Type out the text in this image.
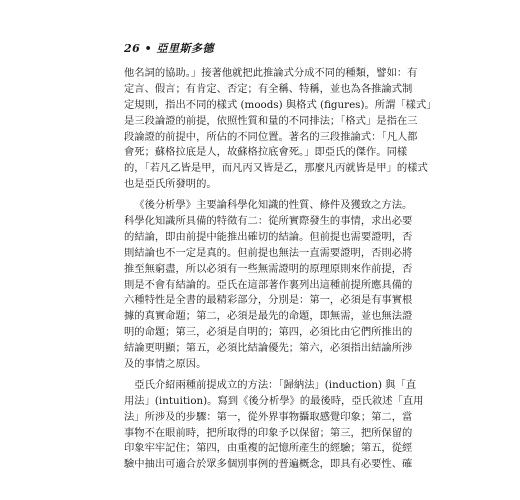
26 • 亞里斯多德
他名詞的協助。」接著他就把此推論式分成不同的種類，譬如：有
定言、假言；有肯定、否定；有全稱、特稱，並也為各推論式制
定規則，指出不同的樣式 (moods) 與格式 (figures)。所謂「樣式」
是三段論證的前提，依照性質和量的不同排法；「格式」是指在三
段論證的前提中，所佔的不同位置。著名的三段推論式：「凡人都
會死；蘇格拉底是人，故蘇格拉底會死。」即亞氏的傑作。同樣
的，「若凡乙皆是甲，而凡丙又皆是乙，那麼凡丙就皆是甲」的樣式
也是亞氏所發明的。
《後分析學》主要論科學化知識的性質、條件及獲致之方法。
科學化知識所具備的特徵有二：從所實際發生的事情，求出必要
的結論，即由前提中能推出確切的結論。但前提也需要證明，否
則結論也不一定是真的。但前提也無法一直需要證明，否則必將
推至無窮盡，所以必須有一些無需證明的原理原則來作前提，否
則是不會有結論的。亞氏在這部著作裏列出這種前提所應具備的
六種特性是全書的最精彩部分，分別是：第一，必須是有事實根
據的真實命題；第二，必須是最先的命題，即無需，並也無法證
明的命題；第三，必須是自明的；第四，必須比由它們所推出的
結論更明顯；第五，必須比結論優先；第六，必須指出結論所涉
及的事情之原因。
亞氏介紹兩種前提成立的方法：「歸納法」(induction) 與「直
用法」(intuition)。寫到《後分析學》的最後時，亞氏敘述「直用
法」所涉及的步驟：第一，從外界事物攝取感覺印象；第二，當
事物不在眼前時，把所取得的印象予以保留；第三，把所保留的
印象牢牢記住；第四，由重複的記憶所產生的經驗；第五，從經
驗中抽出可適合於眾多個別事例的普遍概念，即具有必要性、確
